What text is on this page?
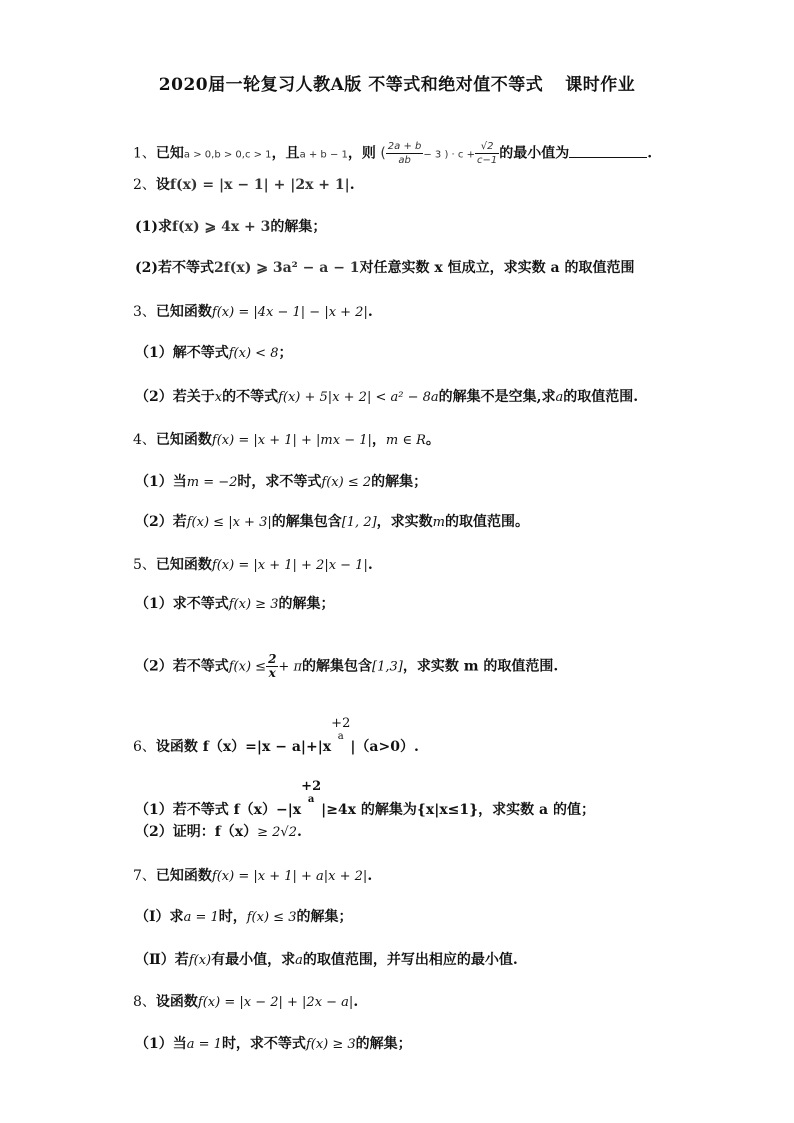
2020届一轮复习人教A版 不等式和绝对值不等式 课时作业
1、已知a > 0,b > 0,c > 1，且a + b − 1，则 ( $\frac{2a + b}{ab} - 3$ ) · $c + \frac{√2}{c-1}$ 的最小值为	.
2、设f(x) = |x − 1| + |2x + 1|.
(1)求f(x) ⩾ 4x + 3的解集；
(2)若不等式2f(x) ⩾ 3a² − a − 1对任意实数 x 恒成立，求实数 a 的取值范围
3、已知函数f(x) = |4x − 1| − |x + 2|.
（1）解不等式f(x) < 8；
（2）若关于x的不等式f(x) + 5|x + 2| < a² − 8a的解集不是空集,求a的取值范围.
4、已知函数f(x) = |x + 1| + |mx − 1|，m ∈ R。
（1）当m = −2时，求不等式f(x) ≤ 2的解集；
（2）若f(x) ≤ |x + 3|的解集包含[1, 2]，求实数m的取值范围。
5、已知函数f(x) = |x + 1| + 2|x − 1|.
（1）求不等式f(x) ≥ 3的解集；
（2）若不等式$f(x) \le \frac{2}{x} + \pi$的解集包含[1,3]，求实数 m 的取值范围.
6、设函数 f（x）=|x − a|+|x
+2
a
|（a>0）.
（1）若不等式 f（x）−|x
+2
a
|≥4x 的解集为{x|x≤1}，求实数 a 的值；
（2）证明：f（x）≥ 2√2.
7、已知函数f(x) = |x + 1| + a|x + 2|.
（Ⅰ）求a = 1时，f(x) ≤ 3的解集；
（Ⅱ）若f(x)有最小值，求a的取值范围，并写出相应的最小值.
8、设函数f(x) = |x − 2| + |2x − a|.
（1）当a = 1时，求不等式f(x) ≥ 3的解集；
